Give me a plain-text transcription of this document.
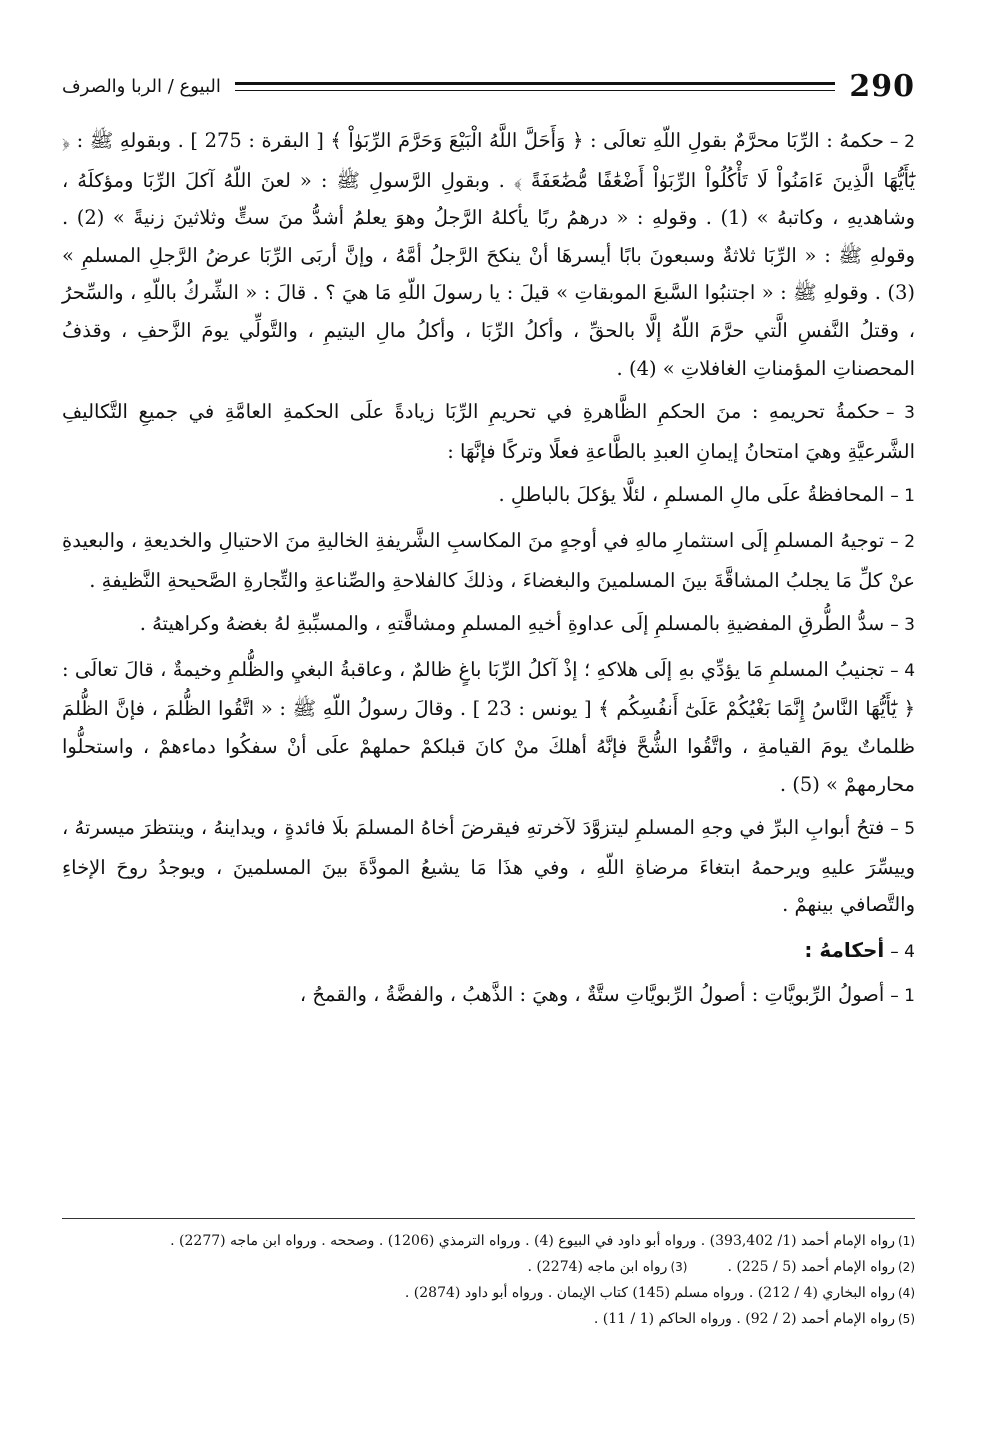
290
البيوع / الربا والصرف

2 –حكمهُ : الرِّبَا محرَّمٌ بقولِ اللّهِ تعالَى : ﴿ وَأَحَلَّ اللَّهُ الْبَيْعَ وَحَرَّمَ الرِّبَوٰاْ ﴾ [ البقرة : 275 ] . وبقولهِ ﷺ : ﴿ يَٰٓأَيُّهَا الَّذِينَ ءَامَنُواْ لَا تَأْكُلُواْ الرِّبَوٰاْ أَضْعَٰفًا مُّضَٰعَفَةً ﴾ . وبقولِ الرَّسولِ ﷺ : « لعنَ اللّهُ آكلَ الرِّبَا ومؤكلَهُ ، وشاهديهِ ، وكاتبهُ » (1) . وقولهِ : « درهمُ ربًا يأكلهُ الرَّجلُ وهوَ يعلمُ أشدُّ منَ ستٍّ وثلاثينَ زنيةً » (2) . وقولهِ ﷺ : « الرِّبَا ثلاثةٌ وسبعونَ بابًا أيسرهَا أنْ ينكحَ الرَّجلُ أمَّهُ ، وإنَّ أربَى الرِّبَا عرضُ الرَّجلِ المسلمِ » (3) . وقولهِ ﷺ : « اجتنبُوا السَّبعَ الموبقاتِ » قيلَ : يا رسولَ اللّهِ مَا هيَ ؟ . قالَ : « الشِّركُ باللّهِ ، والسِّحرُ ، وقتلُ النَّفسِ الَّتي حرَّمَ اللّهُ إلَّا بالحقِّ ، وأكلُ الرِّبَا ، وأكلُ مالِ اليتيمِ ، والتَّولِّي يومَ الزَّحفِ ، وقذفُ المحصناتِ المؤمناتِ الغافلاتِ » (4) .

3 –حكمةُ تحريمهِ : منَ الحكمِ الظَّاهرةِ في تحريمِ الرِّبَا زيادةً علَى الحكمةِ العامَّةِ في جميعِ التَّكاليفِ الشَّرعيَّةِ وهيَ امتحانُ إيمانِ العبدِ بالطَّاعةِ فعلًا وتركًا فإنَّهَا :

1 –المحافظةُ علَى مالِ المسلمِ ، لئلَّا يؤكلَ بالباطلِ .

2 –توجيهُ المسلمِ إلَى استثمارِ مالهِ في أوجهٍ منَ المكاسبِ الشَّريفةِ الخاليةِ منَ الاحتيالِ والخديعةِ ، والبعيدةِ عنْ كلِّ مَا يجلبُ المشاقَّةَ بينَ المسلمينَ والبغضاءَ ، وذلكَ كالفلاحةِ والصِّناعةِ والتِّجارةِ الصَّحيحةِ النَّظيفةِ .

3 –سدُّ الطُّرقِ المفضيةِ بالمسلمِ إلَى عداوةِ أخيهِ المسلمِ ومشاقَّتهِ ، والمسبِّبةِ لهُ بغضهُ وكراهيتهُ .

4 –تجنيبُ المسلمِ مَا يؤدِّي بهِ إلَى هلاكهِ ؛ إذْ آكلُ الرِّبَا باغٍ ظالمٌ ، وعاقبةُ البغيِ والظُّلمِ وخيمةٌ ، قالَ تعالَى : ﴿ يَٰٓأَيُّهَا النَّاسُ إِنَّمَا بَغْيُكُمْ عَلَىٰٓ أَنفُسِكُم ﴾ [ يونس : 23 ] . وقالَ رسولُ اللّهِ ﷺ : « اتَّقُوا الظُّلمَ ، فإنَّ الظُّلمَ ظلماتٌ يومَ القيامةِ ، واتَّقُوا الشُّحَّ فإنَّهُ أهلكَ منْ كانَ قبلكمْ حملهمْ علَى أنْ سفكُوا دماءهمْ ، واستحلُّوا محارمهمْ » (5) .

5 –فتحُ أبوابِ البرِّ في وجهِ المسلمِ ليتزوَّدَ لآخرتهِ فيقرضَ أخاهُ المسلمَ بلَا فائدةٍ ، ويداينهُ ، وينتظرَ ميسرتهُ ، وييسِّرَ عليهِ ويرحمهُ ابتغاءَ مرضاةِ اللّهِ ، وفي هذَا مَا يشيعُ المودَّةَ بينَ المسلمينَ ، ويوجدُ روحَ الإخاءِ والتَّصافي بينهمْ .

4 –أحكامهُ :

1 –أصولُ الرِّبويَّاتِ : أصولُ الرِّبويَّاتِ ستَّةٌ ، وهيَ : الذَّهبُ ، والفضَّةُ ، والقمحُ ،

(1)رواه الإمام أحمد (1/ 393,402) . ورواه أبو داود في البيوع (4) . ورواه الترمذي (1206) . وصححه . ورواه ابن ماجه (2277) .

(2)رواه الإمام أحمد (5 / 225) .(3)رواه ابن ماجه (2274) .

(4)رواه البخاري (4 / 212) . ورواه مسلم (145) كتاب الإيمان . ورواه أبو داود (2874) .

(5)رواه الإمام أحمد (2 / 92) . ورواه الحاكم (1 / 11) .
